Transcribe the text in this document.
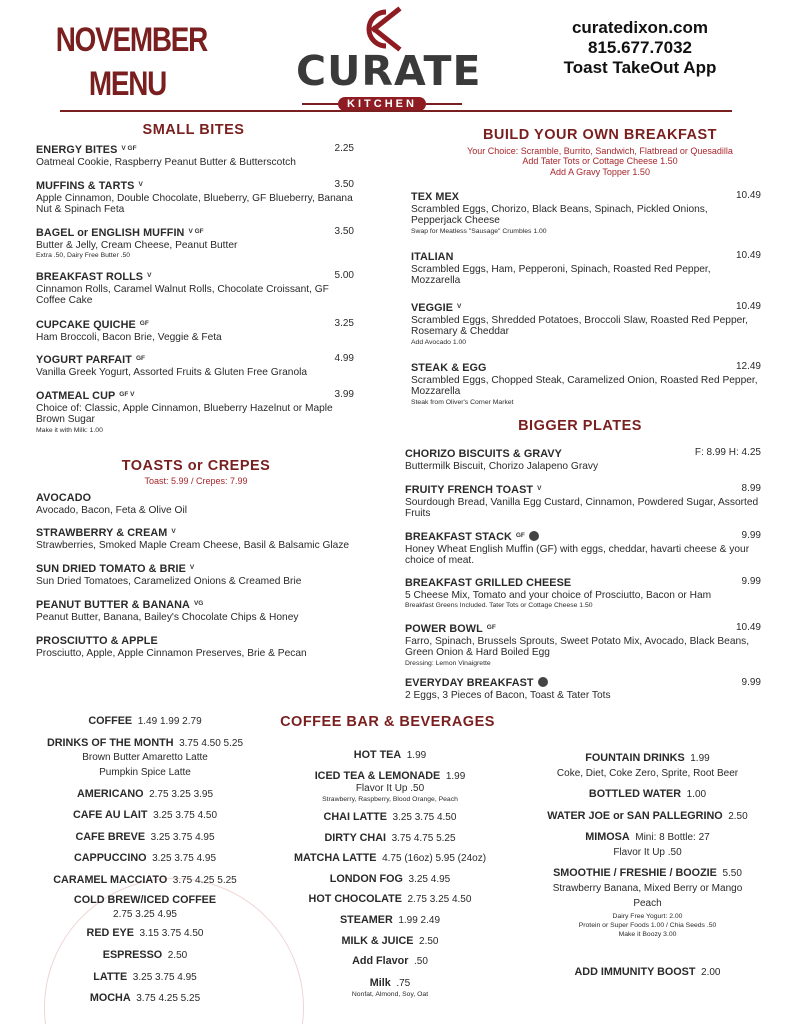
NOVEMBER
MENU	CURATE
KITCHEN
curatedixon.com
815.677.7032
Toast TakeOut App
SMALL BITES
TOASTS or CREPES
Toast: 5.99 / Crepes: 7.99
BUILD YOUR OWN BREAKFAST
Your Choice: Scramble, Burrito, Sandwich, Flatbread or Quesadilla
Add Tater Tots or Cottage Cheese 1.50
Add A Gravy Topper 1.50
BIGGER PLATES
COFFEE BAR & BEVERAGES
ENERGY BITES $^{V GF}$
Oatmeal Cookie, Raspberry Peanut Butter & Butterscotch
2.25
MUFFINS & TARTS $^V$
Apple Cinnamon, Double Chocolate, Blueberry, GF Blueberry, Banana Nut & Spinach Feta
3.50
BAGEL or ENGLISH MUFFIN $^{V GF}$
Butter & Jelly, Cream Cheese, Peanut Butter
Extra .50, Dairy Free Butter .50
3.50
BREAKFAST ROLLS $^V$
Cinnamon Rolls, Caramel Walnut Rolls, Chocolate Croissant, GF Coffee Cake
5.00
CUPCAKE QUICHE $^{GF}$
Ham Broccoli, Bacon Brie, Veggie & Feta
3.25
YOGURT PARFAIT $^{GF}$
Vanilla Greek Yogurt, Assorted Fruits & Gluten Free Granola
4.99
OATMEAL CUP $^{GF V}$
Choice of: Classic, Apple Cinnamon, Blueberry Hazelnut or Maple Brown Sugar
Make it with Milk: 1.00
3.99
AVOCADO
Avocado, Bacon, Feta & Olive Oil
STRAWBERRY & CREAM $^V$
Strawberries, Smoked Maple Cream Cheese, Basil & Balsamic Glaze
SUN DRIED TOMATO & BRIE $^V$
Sun Dried Tomatoes, Caramelized Onions & Creamed Brie
PEANUT BUTTER & BANANA $^{VG}$
Peanut Butter, Banana, Bailey's Chocolate Chips & Honey
PROSCIUTTO & APPLE
Prosciutto, Apple, Apple Cinnamon Preserves, Brie & Pecan
TEX MEX
Scrambled Eggs, Chorizo, Black Beans, Spinach, Pickled Onions, Pepperjack Cheese
Swap for Meatless "Sausage" Crumbles 1.00
10.49
ITALIAN
Scrambled Eggs, Ham, Pepperoni, Spinach, Roasted Red Pepper, Mozzarella
10.49
VEGGIE $^V$
Scrambled Eggs, Shredded Potatoes, Broccoli Slaw, Roasted Red Pepper, Rosemary & Cheddar
Add Avocado 1.00
10.49
STEAK & EGG
Scrambled Eggs, Chopped Steak, Caramelized Onion, Roasted Red Pepper, Mozzarella
Steak from Oliver's Corner Market
12.49
CHORIZO BISCUITS & GRAVY
Buttermilk Biscuit, Chorizo Jalapeno Gravy
F: 8.99 H: 4.25
FRUITY FRENCH TOAST $^V$
Sourdough Bread, Vanilla Egg Custard, Cinnamon, Powdered Sugar, Assorted Fruits
8.99
BREAKFAST STACK $^{GF}$
Honey Wheat English Muffin (GF) with eggs, cheddar, havarti cheese & your choice of meat.
9.99
BREAKFAST GRILLED CHEESE
5 Cheese Mix, Tomato and your choice of Prosciutto, Bacon or Ham
Breakfast Greens Included. Tater Tots or Cottage Cheese 1.50
9.99
POWER BOWL $^{GF}$
Farro, Spinach, Brussels Sprouts, Sweet Potato Mix, Avocado, Black Beans, Green Onion & Hard Boiled Egg
Dressing: Lemon Vinaigrette
10.49
EVERYDAY BREAKFAST
2 Eggs, 3 Pieces of Bacon, Toast & Tater Tots
9.99
COFFEE 1.49 1.99 2.79
DRINKS OF THE MONTH 3.75 4.50 5.25
Brown Butter Amaretto Latte
Pumpkin Spice Latte
AMERICANO 2.75 3.25 3.95
CAFE AU LAIT 3.25 3.75 4.50
CAFE BREVE 3.25 3.75 4.95
CAPPUCCINO 3.25 3.75 4.95
CARAMEL MACCIATO 3.75 4.25 5.25
COLD BREW/ICED COFFEE
2.75 3.25 4.95
RED EYE 3.15 3.75 4.50
ESPRESSO 2.50
LATTE 3.25 3.75 4.95
MOCHA 3.75 4.25 5.25
HOT TEA 1.99
ICED TEA & LEMONADE 1.99
Flavor It Up .50
Strawberry, Raspberry, Blood Orange, Peach
CHAI LATTE 3.25 3.75 4.50
DIRTY CHAI 3.75 4.75 5.25
MATCHA LATTE 4.75 (16oz) 5.95 (24oz)
LONDON FOG 3.25 4.95
HOT CHOCOLATE 2.75 3.25 4.50
STEAMER 1.99 2.49
MILK & JUICE 2.50
Add Flavor .50
Milk .75
Nonfat, Almond, Soy, Oat
FOUNTAIN DRINKS 1.99
Coke, Diet, Coke Zero, Sprite, Root Beer
BOTTLED WATER 1.00
WATER JOE or SAN PALLEGRINO 2.50
MIMOSA Mini: 8 Bottle: 27
Flavor It Up .50
SMOOTHIE / FRESHIE / BOOZIE 5.50
Strawberry Banana, Mixed Berry or Mango
Peach
Dairy Free Yogurt: 2.00
Protein or Super Foods 1.00 / Chia Seeds .50
Make it Boozy 3.00
ADD IMMUNITY BOOST 2.00
